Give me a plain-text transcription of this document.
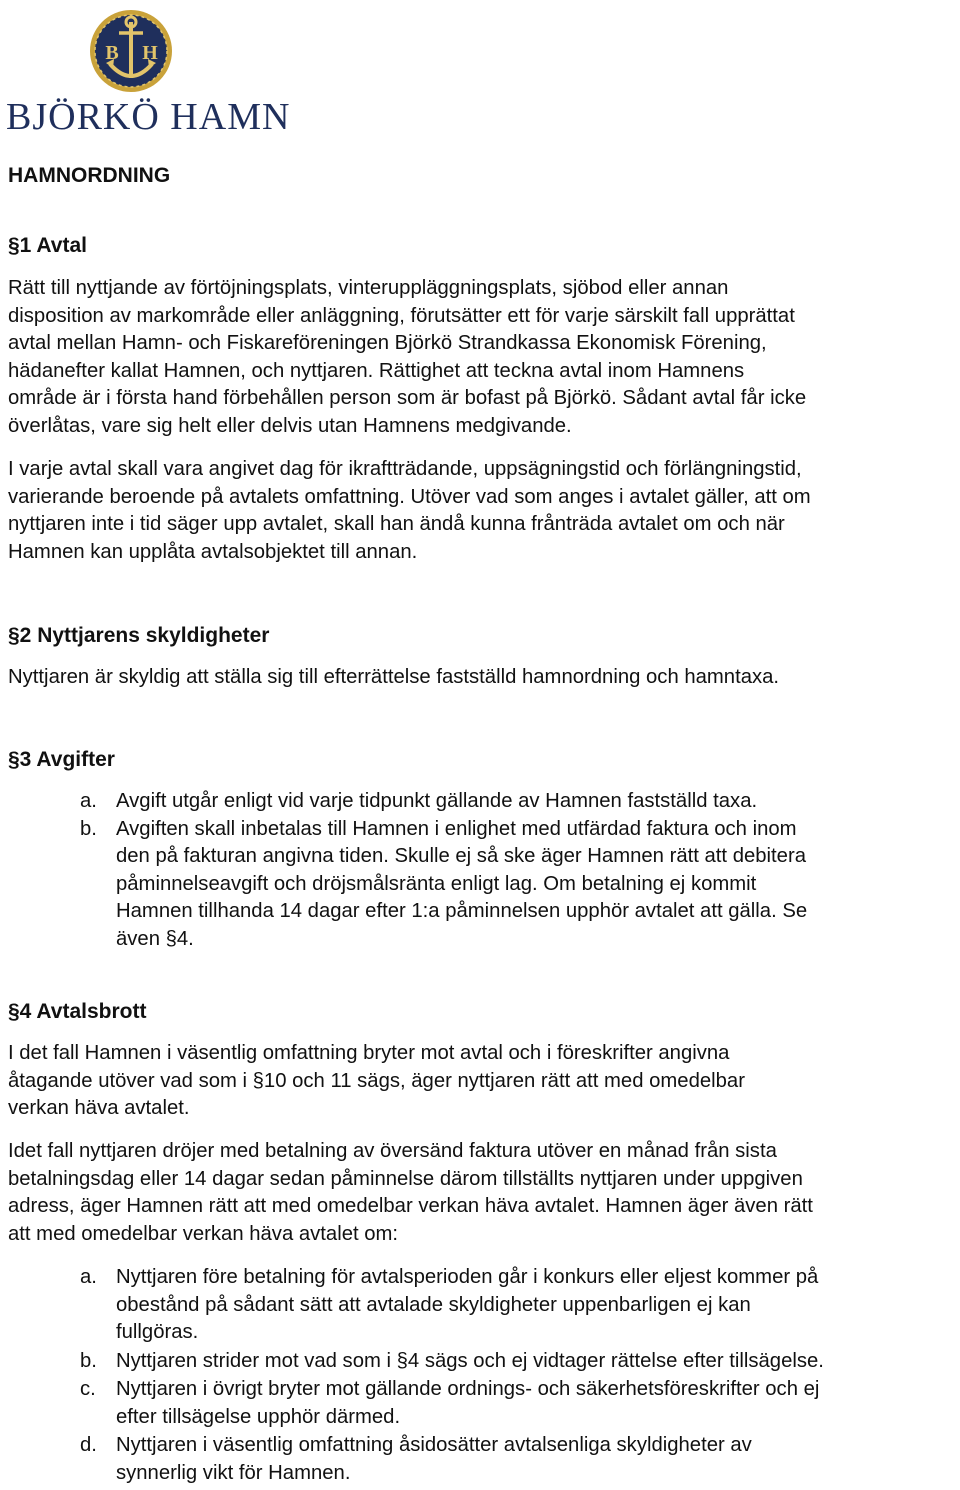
B H
BJÖRKÖ HAMN
HAMNORDNING
§1 Avtal
Rätt till nyttjande av förtöjningsplats, vinteruppläggningsplats, sjöbod eller annan
disposition av markområde eller anläggning, förutsätter ett för varje särskilt fall upprättat
avtal mellan Hamn- och Fiskareföreningen Björkö Strandkassa Ekonomisk Förening,
hädanefter kallat Hamnen, och nyttjaren. Rättighet att teckna avtal inom Hamnens
område är i första hand förbehållen person som är bofast på Björkö. Sådant avtal får icke
överlåtas, vare sig helt eller delvis utan Hamnens medgivande.
I varje avtal skall vara angivet dag för ikraftträdande, uppsägningstid och förlängningstid,
varierande beroende på avtalets omfattning. Utöver vad som anges i avtalet gäller, att om
nyttjaren inte i tid säger upp avtalet, skall han ändå kunna frånträda avtalet om och när
Hamnen kan upplåta avtalsobjektet till annan.
§2 Nyttjarens skyldigheter
Nyttjaren är skyldig att ställa sig till efterrättelse fastställd hamnordning och hamntaxa.
§3 Avgifter
a. Avgift utgår enligt vid varje tidpunkt gällande av Hamnen fastställd taxa.
b. Avgiften skall inbetalas till Hamnen i enlighet med utfärdad faktura och inom
den på fakturan angivna tiden. Skulle ej så ske äger Hamnen rätt att debitera
påminnelseavgift och dröjsmålsränta enligt lag. Om betalning ej kommit
Hamnen tillhanda 14 dagar efter 1:a påminnelsen upphör avtalet att gälla. Se
även §4.
§4 Avtalsbrott
I det fall Hamnen i väsentlig omfattning bryter mot avtal och i föreskrifter angivna
åtagande utöver vad som i §10 och 11 sägs, äger nyttjaren rätt att med omedelbar
verkan häva avtalet.
Idet fall nyttjaren dröjer med betalning av översänd faktura utöver en månad från sista
betalningsdag eller 14 dagar sedan påminnelse därom tillställts nyttjaren under uppgiven
adress, äger Hamnen rätt att med omedelbar verkan häva avtalet. Hamnen äger även rätt
att med omedelbar verkan häva avtalet om:
a. Nyttjaren före betalning för avtalsperioden går i konkurs eller eljest kommer på
obestånd på sådant sätt att avtalade skyldigheter uppenbarligen ej kan
fullgöras.
b. Nyttjaren strider mot vad som i §4 sägs och ej vidtager rättelse efter tillsägelse.
c. Nyttjaren i övrigt bryter mot gällande ordnings- och säkerhetsföreskrifter och ej
efter tillsägelse upphör därmed.
d. Nyttjaren i väsentlig omfattning åsidosätter avtalsenliga skyldigheter av
synnerlig vikt för Hamnen.
